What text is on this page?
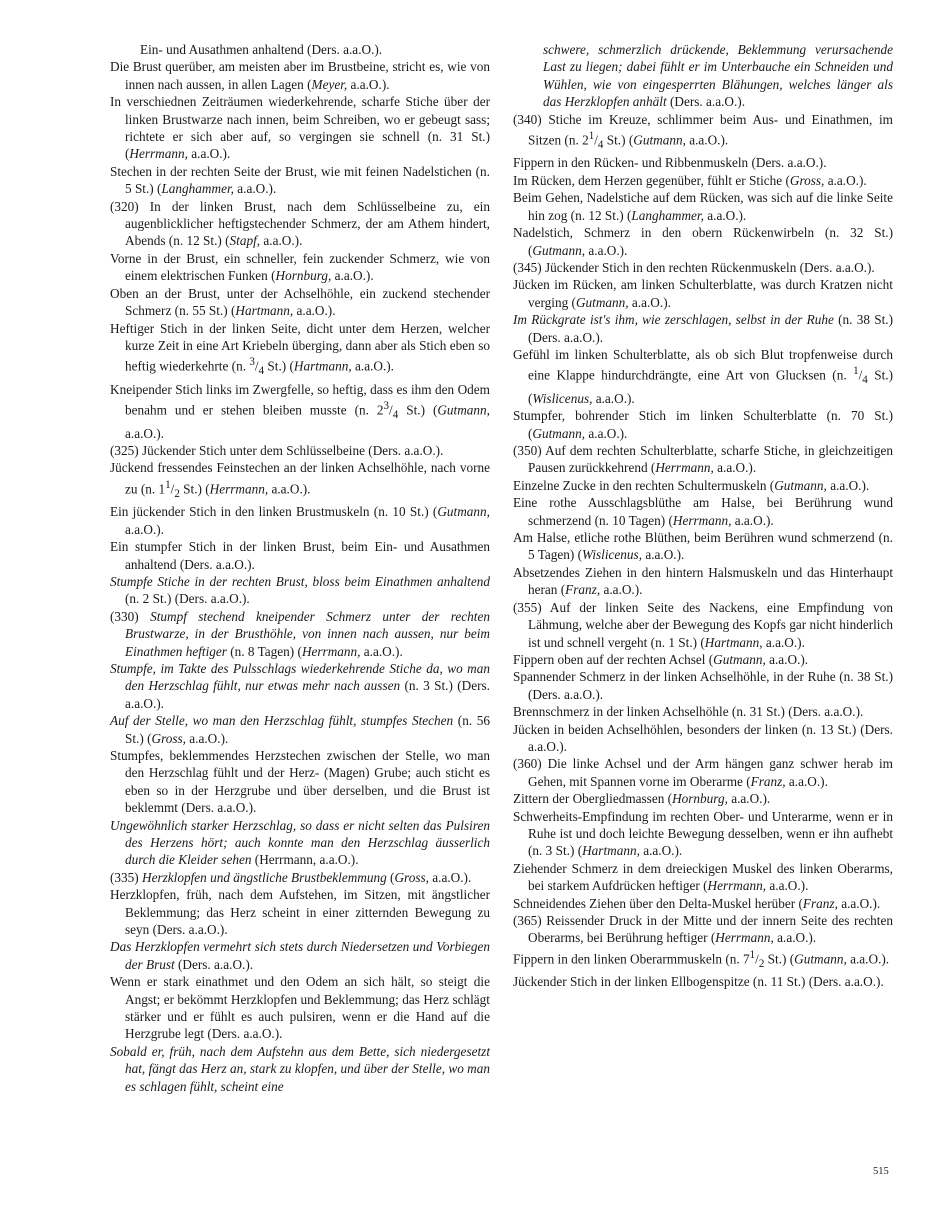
Ein- und Ausathmen anhaltend (Ders. a.a.O.).

Die Brust querüber, am meisten aber im Brustbeine, stricht es, wie von innen nach aussen, in allen Lagen (Meyer, a.a.O.).

In verschiednen Zeiträumen wiederkehrende, scharfe Stiche über der linken Brustwarze nach innen, beim Schreiben, wo er gebeugt sass; richtete er sich aber auf, so vergingen sie schnell (n. 31 St.) (Herrmann, a.a.O.).

Stechen in der rechten Seite der Brust, wie mit feinen Nadelstichen (n. 5 St.) (Langhammer, a.a.O.).

(320) In der linken Brust, nach dem Schlüsselbeine zu, ein augenblicklicher heftigstechender Schmerz, der am Athem hindert, Abends (n. 12 St.) (Stapf, a.a.O.).

Vorne in der Brust, ein schneller, fein zuckender Schmerz, wie von einem elektrischen Funken (Hornburg, a.a.O.).

Oben an der Brust, unter der Achselhöhle, ein zuckend stechender Schmerz (n. 55 St.) (Hartmann, a.a.O.).

Heftiger Stich in der linken Seite, dicht unter dem Herzen, welcher kurze Zeit in eine Art Kriebeln überging, dann aber als Stich eben so heftig wiederkehrte (n. $^3/_4$ St.) (Hartmann, a.a.O.).

Kneipender Stich links im Zwergfelle, so heftig, dass es ihm den Odem benahm und er stehen bleiben musste (n. $2^3/_4$ St.) (Gutmann, a.a.O.).

(325) Jückender Stich unter dem Schlüsselbeine (Ders. a.a.O.).

Jückend fressendes Feinstechen an der linken Achselhöhle, nach vorne zu (n. $1^1/_2$ St.) (Herrmann, a.a.O.).

Ein jückender Stich in den linken Brustmuskeln (n. 10 St.) (Gutmann, a.a.O.).

Ein stumpfer Stich in der linken Brust, beim Ein- und Ausathmen anhaltend (Ders. a.a.O.).

Stumpfe Stiche in der rechten Brust, bloss beim Einathmen anhaltend (n. 2 St.) (Ders. a.a.O.).

(330) Stumpf stechend kneipender Schmerz unter der rechten Brustwarze, in der Brusthöhle, von innen nach aussen, nur beim Einathmen heftiger (n. 8 Tagen) (Herrmann, a.a.O.).

Stumpfe, im Takte des Pulsschlags wiederkehrende Stiche da, wo man den Herzschlag fühlt, nur etwas mehr nach aussen (n. 3 St.) (Ders. a.a.O.).

Auf der Stelle, wo man den Herzschlag fühlt, stumpfes Stechen (n. 56 St.) (Gross, a.a.O.).

Stumpfes, beklemmendes Herzstechen zwischen der Stelle, wo man den Herzschlag fühlt und der Herz- (Magen) Grube; auch sticht es eben so in der Herzgrube und über derselben, und die Brust ist beklemmt (Ders. a.a.O.).

Ungewöhnlich starker Herzschlag, so dass er nicht selten das Pulsiren des Herzens hört; auch konnte man den Herzschlag äusserlich durch die Kleider sehen (Herrmann, a.a.O.).

(335) Herzklopfen und ängstliche Brustbeklemmung (Gross, a.a.O.).

Herzklopfen, früh, nach dem Aufstehen, im Sitzen, mit ängstlicher Beklemmung; das Herz scheint in einer zitternden Bewegung zu seyn (Ders. a.a.O.).

Das Herzklopfen vermehrt sich stets durch Niedersetzen und Vorbiegen der Brust (Ders. a.a.O.).

Wenn er stark einathmet und den Odem an sich hält, so steigt die Angst; er bekömmt Herzklopfen und Beklemmung; das Herz schlägt stärker und er fühlt es auch pulsiren, wenn er die Hand auf die Herzgrube legt (Ders. a.a.O.).

Sobald er, früh, nach dem Aufstehn aus dem Bette, sich niedergesetzt hat, fängt das Herz an, stark zu klopfen, und über der Stelle, wo man es schlagen fühlt, scheint eine

schwere, schmerzlich drückende, Beklemmung verursachende Last zu liegen; dabei fühlt er im Unterbauche ein Schneiden und Wühlen, wie von eingesperrten Blähungen, welches länger als das Herzklopfen anhält (Ders. a.a.O.).

(340) Stiche im Kreuze, schlimmer beim Aus- und Einathmen, im Sitzen (n. $2^1/_4$ St.) (Gutmann, a.a.O.).

Fippern in den Rücken- und Ribbenmuskeln (Ders. a.a.O.).

Im Rücken, dem Herzen gegenüber, fühlt er Stiche (Gross, a.a.O.).

Beim Gehen, Nadelstiche auf dem Rücken, was sich auf die linke Seite hin zog (n. 12 St.) (Langhammer, a.a.O.).

Nadelstich, Schmerz in den obern Rückenwirbeln (n. 32 St.) (Gutmann, a.a.O.).

(345) Jückender Stich in den rechten Rückenmuskeln (Ders. a.a.O.).

Jücken im Rücken, am linken Schulterblatte, was durch Kratzen nicht verging (Gutmann, a.a.O.).

Im Rückgrate ist's ihm, wie zerschlagen, selbst in der Ruhe (n. 38 St.) (Ders. a.a.O.).

Gefühl im linken Schulterblatte, als ob sich Blut tropfenweise durch eine Klappe hindurchdrängte, eine Art von Glucksen (n. $^1/_4$ St.) (Wislicenus, a.a.O.).

Stumpfer, bohrender Stich im linken Schulterblatte (n. 70 St.) (Gutmann, a.a.O.).

(350) Auf dem rechten Schulterblatte, scharfe Stiche, in gleichzeitigen Pausen zurückkehrend (Herrmann, a.a.O.).

Einzelne Zucke in den rechten Schultermuskeln (Gutmann, a.a.O.).

Eine rothe Ausschlagsblüthe am Halse, bei Berührung wund schmerzend (n. 10 Tagen) (Herrmann, a.a.O.).

Am Halse, etliche rothe Blüthen, beim Berühren wund schmerzend (n. 5 Tagen) (Wislicenus, a.a.O.).

Absetzendes Ziehen in den hintern Halsmuskeln und das Hinterhaupt heran (Franz, a.a.O.).

(355) Auf der linken Seite des Nackens, eine Empfindung von Lähmung, welche aber der Bewegung des Kopfs gar nicht hinderlich ist und schnell vergeht (n. 1 St.) (Hartmann, a.a.O.).

Fippern oben auf der rechten Achsel (Gutmann, a.a.O.).

Spannender Schmerz in der linken Achselhöhle, in der Ruhe (n. 38 St.) (Ders. a.a.O.).

Brennschmerz in der linken Achselhöhle (n. 31 St.) (Ders. a.a.O.).

Jücken in beiden Achselhöhlen, besonders der linken (n. 13 St.) (Ders. a.a.O.).

(360) Die linke Achsel und der Arm hängen ganz schwer herab im Gehen, mit Spannen vorne im Oberarme (Franz, a.a.O.).

Zittern der Obergliedmassen (Hornburg, a.a.O.).

Schwerheits-Empfindung im rechten Ober- und Unterarme, wenn er in Ruhe ist und doch leichte Bewegung desselben, wenn er ihn aufhebt (n. 3 St.) (Hartmann, a.a.O.).

Ziehender Schmerz in dem dreieckigen Muskel des linken Oberarms, bei starkem Aufdrücken heftiger (Herrmann, a.a.O.).

Schneidendes Ziehen über den Delta-Muskel herüber (Franz, a.a.O.).

(365) Reissender Druck in der Mitte und der innern Seite des rechten Oberarms, bei Berührung heftiger (Herrmann, a.a.O.).

Fippern in den linken Oberarmmuskeln (n. $7^1/_2$ St.) (Gutmann, a.a.O.).

Jückender Stich in der linken Ellbogenspitze (n. 11 St.) (Ders. a.a.O.).

515
